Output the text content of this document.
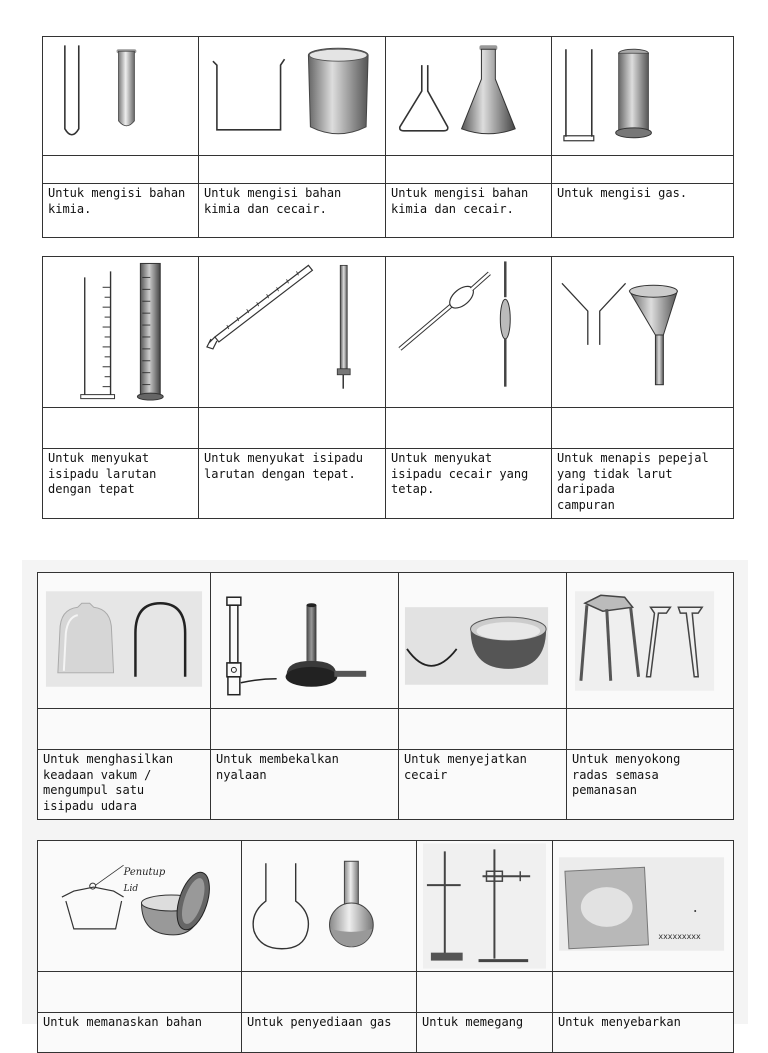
Untuk mengisi bahan
kimia.	Untuk mengisi bahan
kimia dan cecair.	Untuk mengisi bahan
kimia dan cecair.	Untuk mengisi gas.

Untuk menyukat
isipadu larutan
dengan tepat	Untuk menyukat isipadu
larutan dengan tepat.	Untuk menyukat
isipadu cecair yang
tetap.	Untuk menapis pepejal
yang tidak larut daripada
campuran

Untuk menghasilkan
keadaan vakum /
mengumpul satu
isipadu udara	Untuk membekalkan
nyalaan	Untuk menyejatkan
cecair	Untuk menyokong
radas semasa
pemanasan
Penutup
Lid			xxxxxxxxx

Untuk memanaskan bahan	Untuk penyediaan gas	Untuk memegang	Untuk menyebarkan
